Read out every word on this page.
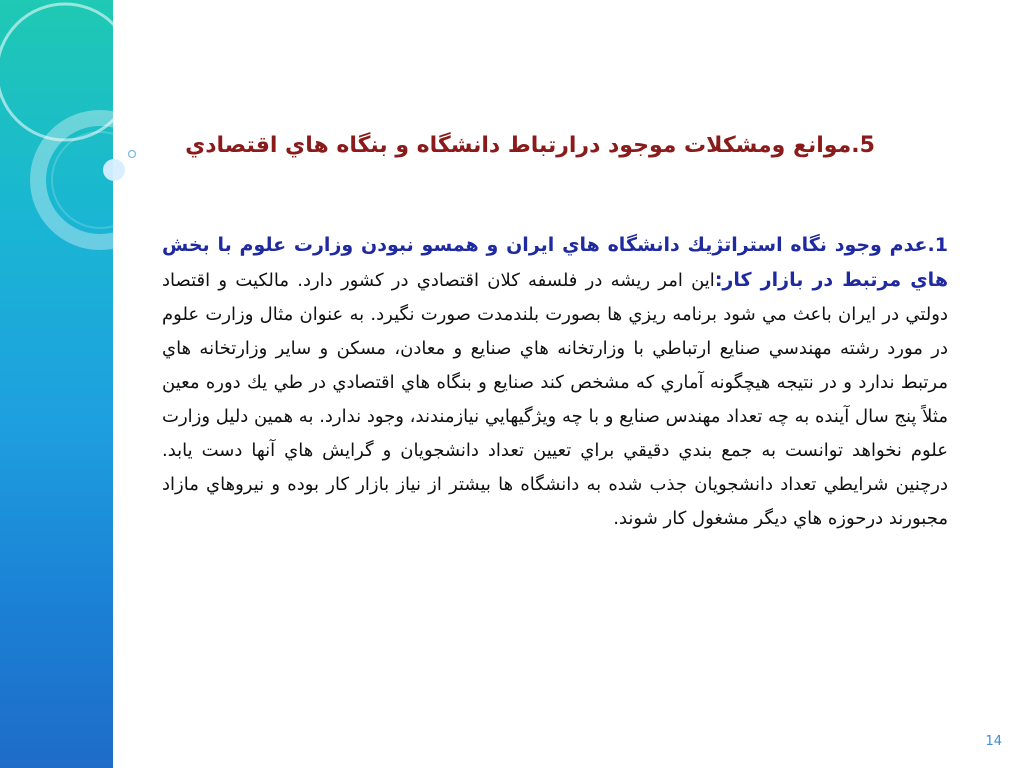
5.موانع ومشكلات موجود درارتباط دانشگاه و بنگاه هاي اقتصادي
1.عدم وجود نگاه استراتژيك دانشگاه هاي ايران و همسو نبودن وزارت علوم با بخش هاي مرتبط در بازار كار:اين امر ريشه در فلسفه كلان اقتصادي در كشور دارد. مالكيت و اقتصاد دولتي در ايران باعث مي شود برنامه ريزي ها بصورت بلندمدت صورت نگيرد. به عنوان مثال وزارت علوم در مورد رشته مهندسي صنايع ارتباطي با وزارتخانه هاي صنايع و معادن، مسكن و ساير وزارتخانه هاي مرتبط ندارد و در نتيجه هيچگونه آماري كه مشخص كند صنايع و بنگاه هاي اقتصادي در طي يك دوره معين مثلاً پنج سال آينده به چه تعداد مهندس صنايع و با چه ويژگيهايي نيازمندند، وجود ندارد. به همين دليل وزارت علوم نخواهد توانست به جمع بندي دقيقي براي تعيين تعداد دانشجويان و گرايش هاي آنها دست يابد. درچنين شرايطي تعداد دانشجويان جذب شده به دانشگاه ها بيشتر از نياز بازار كار بوده و نيروهاي مازاد مجبورند درحوزه هاي ديگر مشغول كار شوند.
14
